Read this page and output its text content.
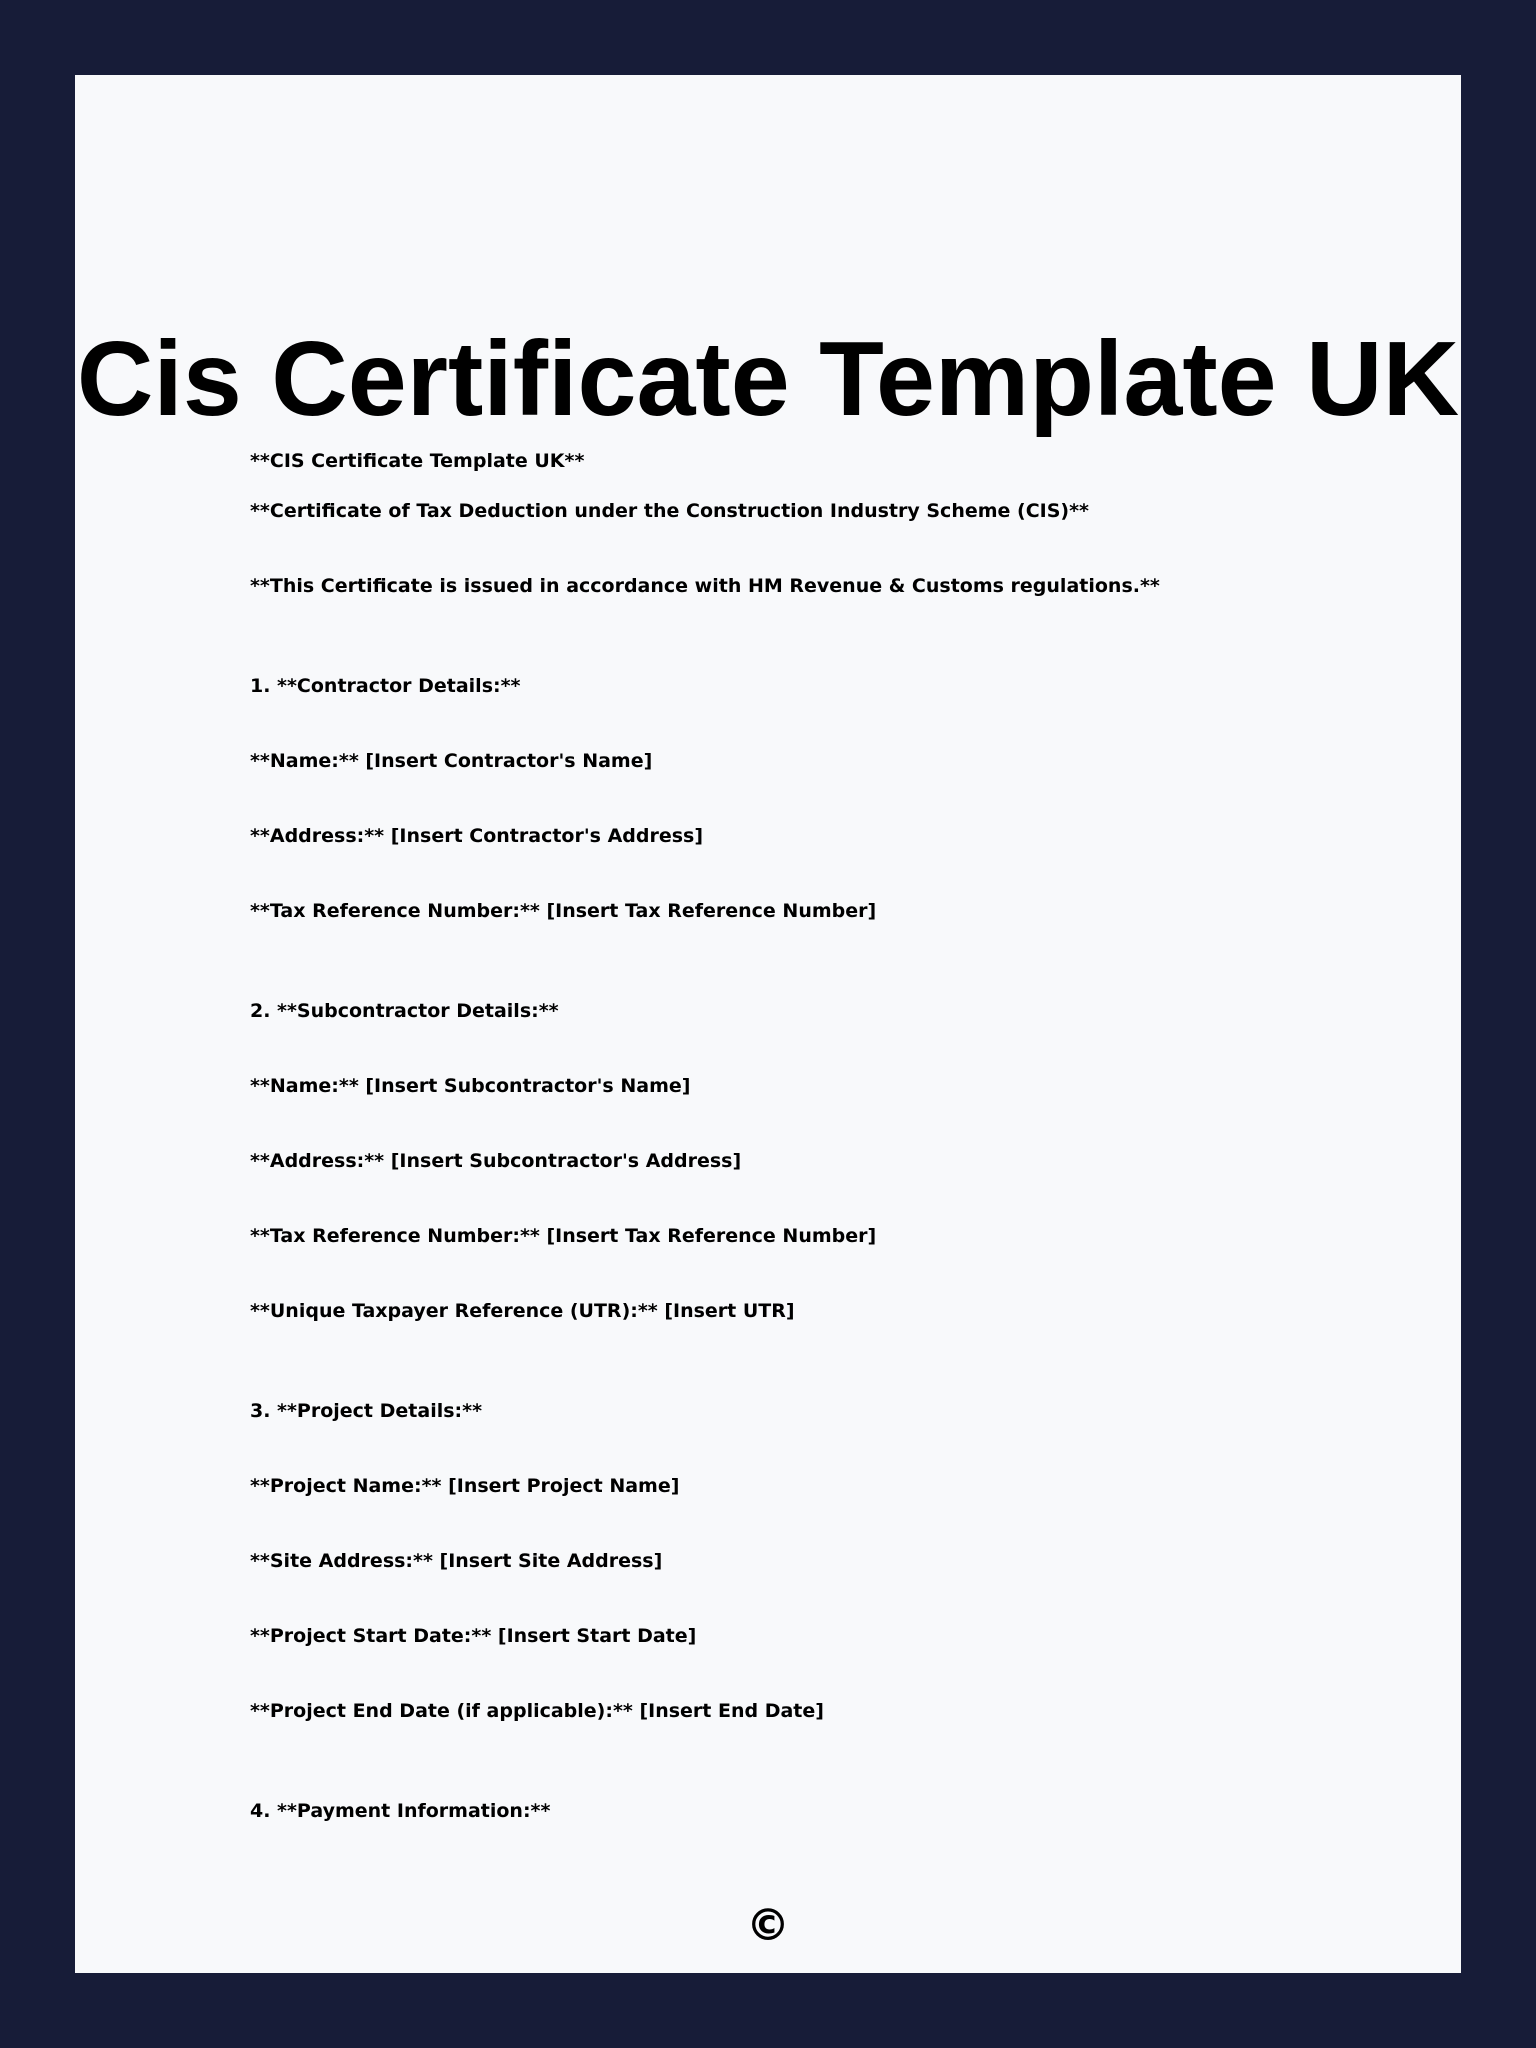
Cis Certificate Template UK

**CIS Certificate Template UK**

**Certificate of Tax Deduction under the Construction Industry Scheme (CIS)**

**This Certificate is issued in accordance with HM Revenue & Customs regulations.**

1. **Contractor Details:**

**Name:** [Insert Contractor's Name]

**Address:** [Insert Contractor's Address]

**Tax Reference Number:** [Insert Tax Reference Number]

2. **Subcontractor Details:**

**Name:** [Insert Subcontractor's Name]

**Address:** [Insert Subcontractor's Address]

**Tax Reference Number:** [Insert Tax Reference Number]

**Unique Taxpayer Reference (UTR):** [Insert UTR]

3. **Project Details:**

**Project Name:** [Insert Project Name]

**Site Address:** [Insert Site Address]

**Project Start Date:** [Insert Start Date]

**Project End Date (if applicable):** [Insert End Date]

4. **Payment Information:**

©
